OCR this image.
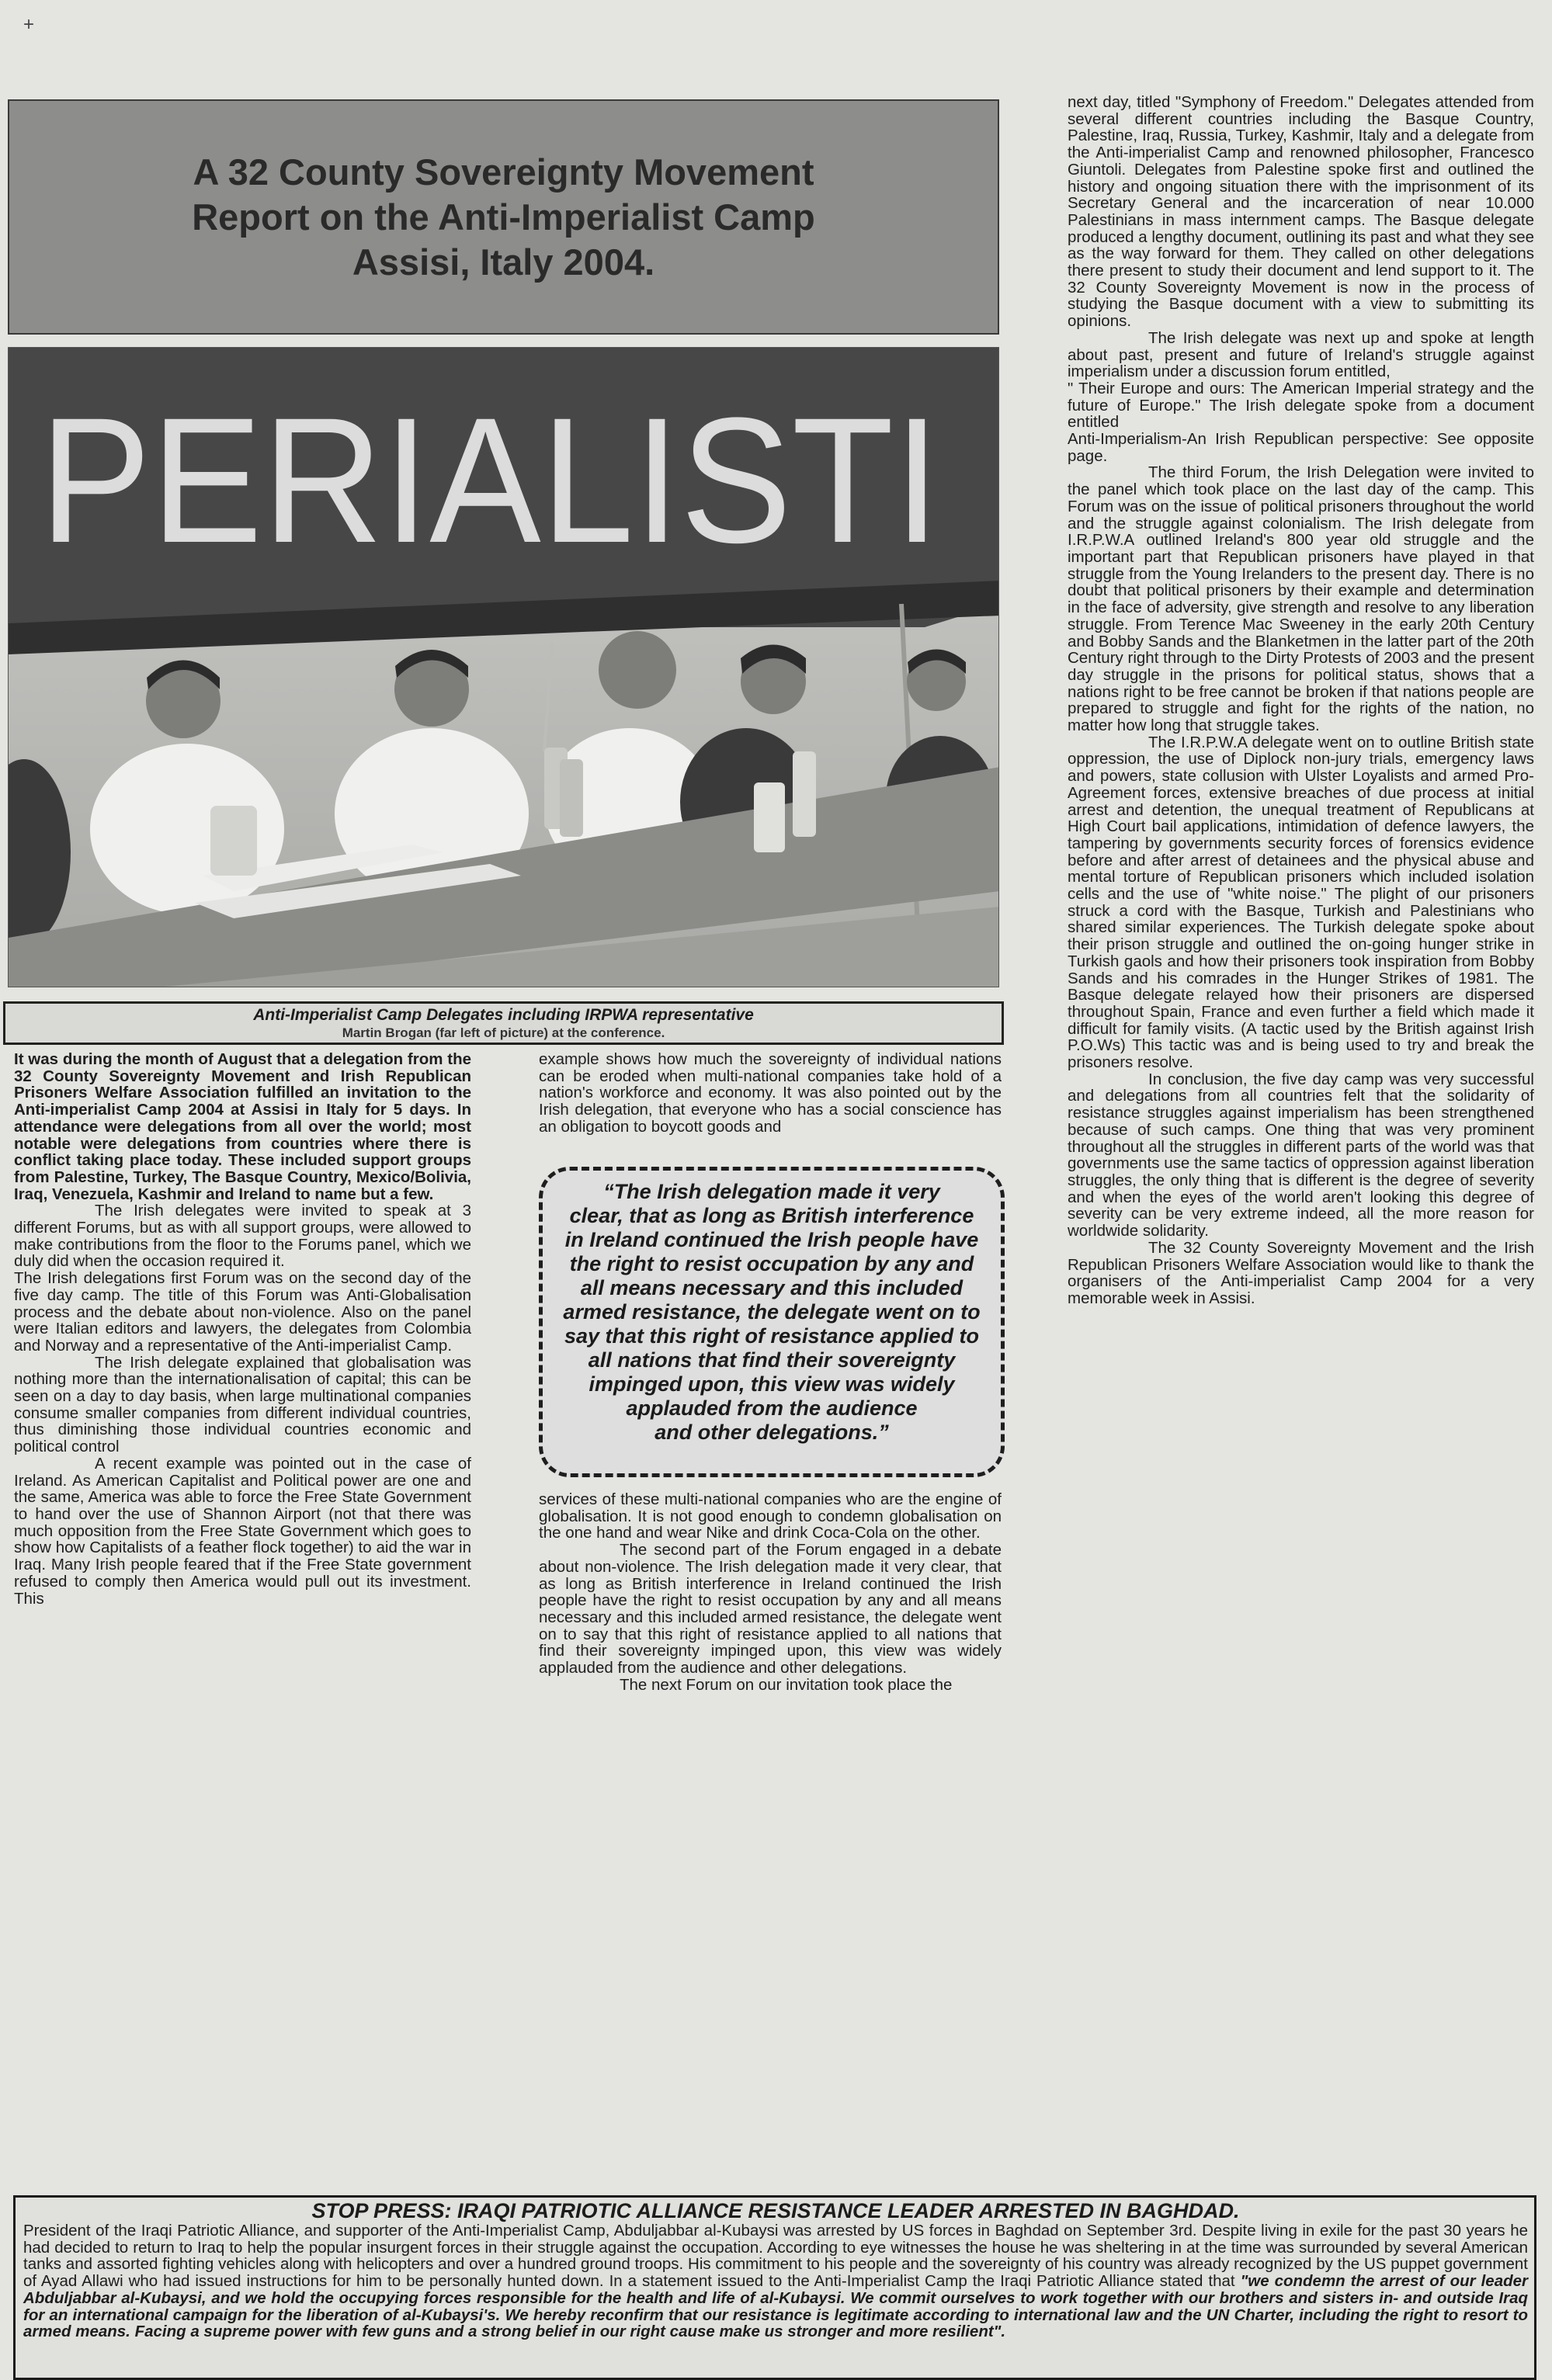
+
A 32 County Sovereignty Movement
Report on the Anti-Imperialist Camp
Assisi, Italy 2004.
PERIALISTI
Anti-Imperialist Camp Delegates including IRPWA representative
Martin Brogan (far left of picture) at the conference.

It was during the month of August that a delegation from the 32 County Sovereignty Movement and Irish Republican Prisoners Welfare Association fulfilled an invitation to the Anti-imperialist Camp 2004 at Assisi in Italy for 5 days. In attendance were delegations from all over the world; most notable were delegations from countries where there is conflict taking place today. These included support groups from Palestine, Turkey, The Basque Country, Mexico/Bolivia, Iraq, Venezuela, Kashmir and Ireland to name but a few.

The Irish delegates were invited to speak at 3 different Forums, but as with all support groups, were allowed to make contributions from the floor to the Forums panel, which we duly did when the occasion required it.

The Irish delegations first Forum was on the second day of the five day camp. The title of this Forum was Anti-Globalisation process and the debate about non-violence. Also on the panel were Italian editors and lawyers, the delegates from Colombia and Norway and a representative of the Anti-imperialist Camp.

The Irish delegate explained that globalisation was nothing more than the internationalisation of capital; this can be seen on a day to day basis, when large multinational companies consume smaller companies from different individual countries, thus diminishing those individual countries economic and political control

A recent example was pointed out in the case of Ireland. As American Capitalist and Political power are one and the same, America was able to force the Free State Government to hand over the use of Shannon Airport (not that there was much opposition from the Free State Government which goes to show how Capitalists of a feather flock together) to aid the war in Iraq. Many Irish people feared that if the Free State government refused to comply then America would pull out its investment. This

example shows how much the sovereignty of individual nations can be eroded when multi-national companies take hold of a nation's workforce and economy. It was also pointed out by the Irish delegation, that everyone who has a social conscience has an obligation to boycott goods and

“The Irish delegation made it very
clear, that as long as British interference
in Ireland continued the Irish people have
the right to resist occupation by any and
all means necessary and this included
armed resistance, the delegate went on to
say that this right of resistance applied to
all nations that find their sovereignty
impinged upon, this view was widely
applauded from the audience
and other delegations.”

services of these multi-national companies who are the engine of globalisation. It is not good enough to condemn globalisation on the one hand and wear Nike and drink Coca-Cola on the other.

The second part of the Forum engaged in a debate about non-violence. The Irish delegation made it very clear, that as long as British interference in Ireland continued the Irish people have the right to resist occupation by any and all means necessary and this included armed resistance, the delegate went on to say that this right of resistance applied to all nations that find their sovereignty impinged upon, this view was widely applauded from the audience and other delegations.

The next Forum on our invitation took place the

next day, titled "Symphony of Freedom." Delegates attended from several different countries including the Basque Country, Palestine, Iraq, Russia, Turkey, Kashmir, Italy and a delegate from the Anti-imperialist Camp and renowned philosopher, Francesco Giuntoli. Delegates from Palestine spoke first and outlined the history and ongoing situation there with the imprisonment of its Secretary General and the incarceration of near 10.000 Palestinians in mass internment camps. The Basque delegate produced a lengthy document, outlining its past and what they see as the way forward for them. They called on other delegations there present to study their document and lend support to it. The 32 County Sovereignty Movement is now in the process of studying the Basque document with a view to submitting its opinions.

The Irish delegate was next up and spoke at length about past, present and future of Ireland's struggle against imperialism under a discussion forum entitled,

" Their Europe and ours: The American Imperial strategy and the future of Europe." The Irish delegate spoke from a document entitled

Anti-Imperialism-An Irish Republican perspective: See opposite page.

The third Forum, the Irish Delegation were invited to the panel which took place on the last day of the camp. This Forum was on the issue of political prisoners throughout the world and the struggle against colonialism. The Irish delegate from I.R.P.W.A outlined Ireland's 800 year old struggle and the important part that Republican prisoners have played in that struggle from the Young Irelanders to the present day. There is no doubt that political prisoners by their example and determination in the face of adversity, give strength and resolve to any liberation struggle. From Terence Mac Sweeney in the early 20th Century and Bobby Sands and the Blanketmen in the latter part of the 20th Century right through to the Dirty Protests of 2003 and the present day struggle in the prisons for political status, shows that a nations right to be free cannot be broken if that nations people are prepared to struggle and fight for the rights of the nation, no matter how long that struggle takes.

The I.R.P.W.A delegate went on to outline British state oppression, the use of Diplock non-jury trials, emergency laws and powers, state collusion with Ulster Loyalists and armed Pro-Agreement forces, extensive breaches of due process at initial arrest and detention, the unequal treatment of Republicans at High Court bail applications, intimidation of defence lawyers, the tampering by governments security forces of forensics evidence before and after arrest of detainees and the physical abuse and mental torture of Republican prisoners which included isolation cells and the use of "white noise." The plight of our prisoners struck a cord with the Basque, Turkish and Palestinians who shared similar experiences. The Turkish delegate spoke about their prison struggle and outlined the on-going hunger strike in Turkish gaols and how their prisoners took inspiration from Bobby Sands and his comrades in the Hunger Strikes of 1981. The Basque delegate relayed how their prisoners are dispersed throughout Spain, France and even further a field which made it difficult for family visits. (A tactic used by the British against Irish P.O.Ws) This tactic was and is being used to try and break the prisoners resolve.

In conclusion, the five day camp was very successful and delegations from all countries felt that the solidarity of resistance struggles against imperialism has been strengthened because of such camps. One thing that was very prominent throughout all the struggles in different parts of the world was that governments use the same tactics of oppression against liberation struggles, the only thing that is different is the degree of severity and when the eyes of the world aren't looking this degree of severity can be very extreme indeed, all the more reason for worldwide solidarity.

The 32 County Sovereignty Movement and the Irish Republican Prisoners Welfare Association would like to thank the organisers of the Anti-imperialist Camp 2004 for a very memorable week in Assisi.

STOP PRESS: IRAQI PATRIOTIC ALLIANCE RESISTANCE LEADER ARRESTED IN BAGHDAD.
President of the Iraqi Patriotic Alliance, and supporter of the Anti-Imperialist Camp, Abduljabbar al-Kubaysi was arrested by US forces in Baghdad on September 3rd. Despite living in exile for the past 30 years he had decided to return to Iraq to help the popular insurgent forces in their struggle against the occupation. According to eye witnesses the house he was sheltering in at the time was surrounded by several American tanks and assorted fighting vehicles along with helicopters and over a hundred ground troops. His commitment to his people and the sovereignty of his country was already recognized by the US puppet government of Ayad Allawi who had issued instructions for him to be personally hunted down. In a statement issued to the Anti-Imperialist Camp the Iraqi Patriotic Alliance stated that "we condemn the arrest of our leader Abduljabbar al-Kubaysi, and we hold the occupying forces responsible for the health and life of al-Kubaysi. We commit ourselves to work together with our brothers and sisters in- and outside Iraq for an international campaign for the liberation of al-Kubaysi's. We hereby reconfirm that our resistance is legitimate according to international law and the UN Charter, including the right to resort to armed means. Facing a supreme power with few guns and a strong belief in our right cause make us stronger and more resilient".
